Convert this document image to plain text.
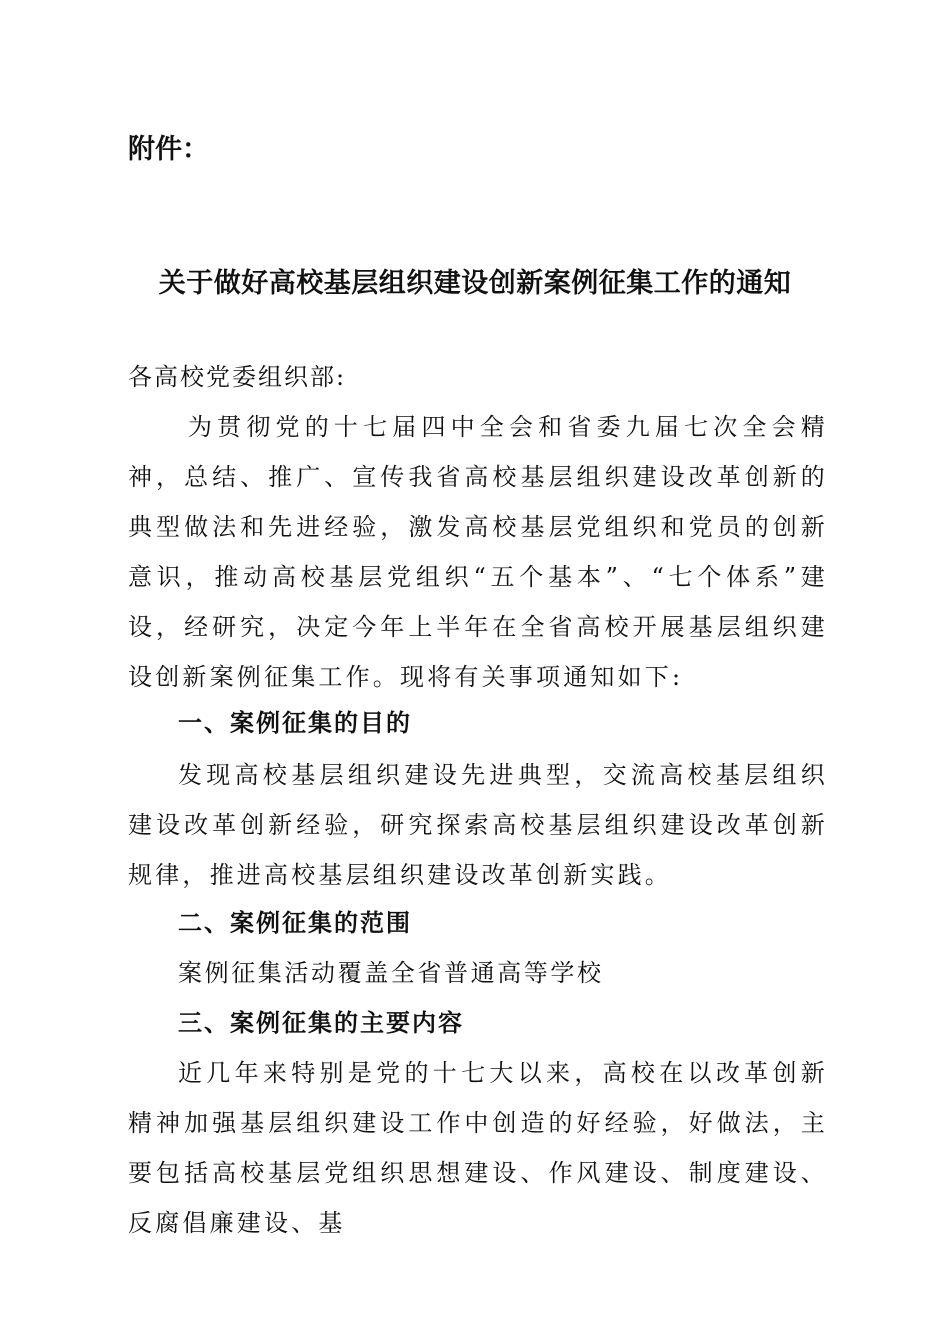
附件：
关于做好高校基层组织建设创新案例征集工作的通知
各高校党委组织部:
为贯彻党的十七届四中全会和省委九届七次全会精神，总结、推广、宣传我省高校基层组织建设改革创新的典型做法和先进经验，激发高校基层党组织和党员的创新意识，推动高校基层党组织“五个基本”、“七个体系”建设，经研究，决定今年上半年在全省高校开展基层组织建设创新案例征集工作。现将有关事项通知如下:
一、案例征集的目的
发现高校基层组织建设先进典型，交流高校基层组织建设改革创新经验，研究探索高校基层组织建设改革创新规律，推进高校基层组织建设改革创新实践。
二、案例征集的范围
案例征集活动覆盖全省普通高等学校
三、案例征集的主要内容
近几年来特别是党的十七大以来，高校在以改革创新精神加强基层组织建设工作中创造的好经验，好做法，主要包括高校基层党组织思想建设、作风建设、制度建设、反腐倡廉建设、基
